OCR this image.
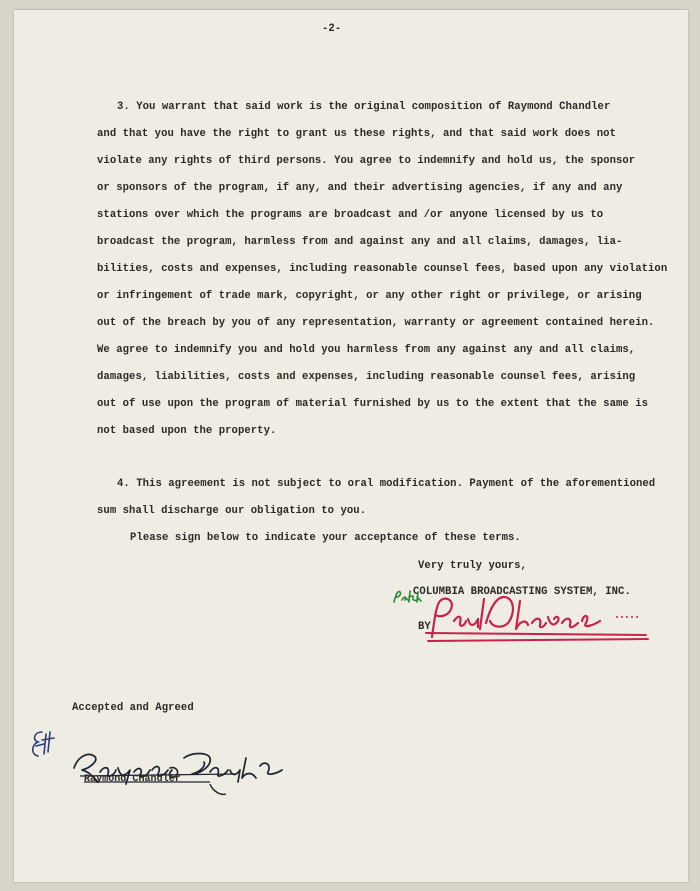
-2-
3. You warrant that said work is the original composition of Raymond Chandler
and that you have the right to grant us these rights, and that said work does not
violate any rights of third persons. You agree to indemnify and hold us, the sponsor
or sponsors of the program, if any, and their advertising agencies, if any and any
stations over which the programs are broadcast and /or anyone licensed by us to
broadcast the program, harmless from and against any and all claims, damages, lia-
bilities, costs and expenses, including reasonable counsel fees, based upon any violation
or infringement of trade mark, copyright, or any other right or privilege, or arising
out of the breach by you of any representation, warranty or agreement contained herein.
We agree to indemnify you and hold you harmless from any against any and all claims,
damages, liabilities, costs and expenses, including reasonable counsel fees, arising
out of use upon the program of material furnished by us to the extent that the same is
not based upon the property.
4. This agreement is not subject to oral modification. Payment of the aforementioned
sum shall discharge our obligation to you.
Please sign below to indicate your acceptance of these terms.
Very truly yours,
COLUMBIA BROADCASTING SYSTEM, INC.
BY
Accepted and Agreed
Raymond Chandler
